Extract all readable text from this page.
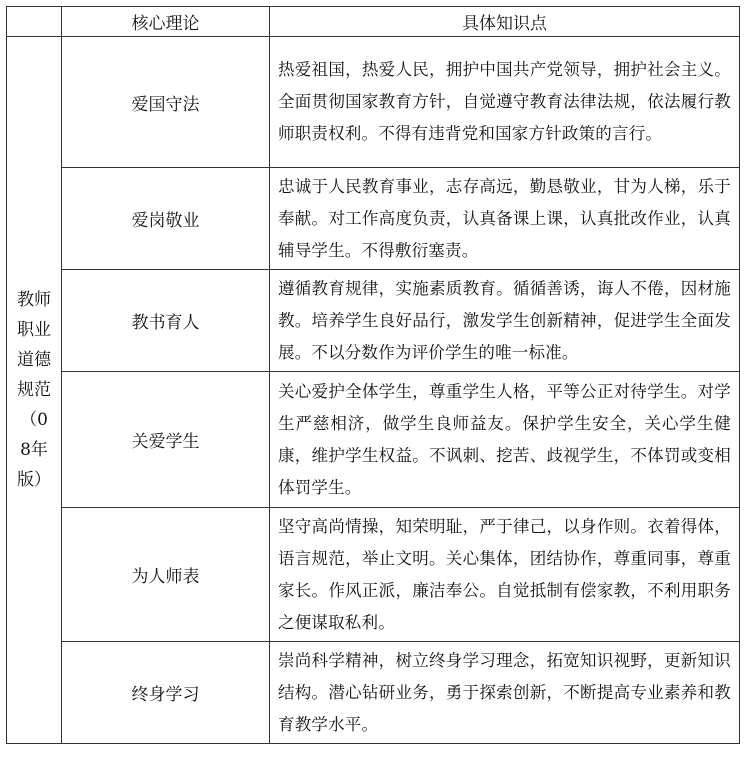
	核心理论	具体知识点
教师职业道德规范（08年版）	爱国守法	热爱祖国，热爱人民，拥护中国共产党领导，拥护社会主义。全面贯彻国家教育方针，自觉遵守教育法律法规，依法履行教师职责权利。不得有违背党和国家方针政策的言行。
	爱岗敬业	忠诚于人民教育事业，志存高远，勤恳敬业，甘为人梯，乐于奉献。对工作高度负责，认真备课上课，认真批改作业，认真辅导学生。不得敷衍塞责。
	教书育人	遵循教育规律，实施素质教育。循循善诱，诲人不倦，因材施教。培养学生良好品行，激发学生创新精神，促进学生全面发展。不以分数作为评价学生的唯一标准。
	关爱学生	关心爱护全体学生，尊重学生人格，平等公正对待学生。对学生严慈相济，做学生良师益友。保护学生安全，关心学生健康，维护学生权益。不讽刺、挖苦、歧视学生，不体罚或变相体罚学生。
	为人师表	坚守高尚情操，知荣明耻，严于律己，以身作则。衣着得体，语言规范，举止文明。关心集体，团结协作，尊重同事，尊重家长。作风正派，廉洁奉公。自觉抵制有偿家教，不利用职务之便谋取私利。
	终身学习	崇尚科学精神，树立终身学习理念，拓宽知识视野，更新知识结构。潜心钻研业务，勇于探索创新，不断提高专业素养和教育教学水平。
